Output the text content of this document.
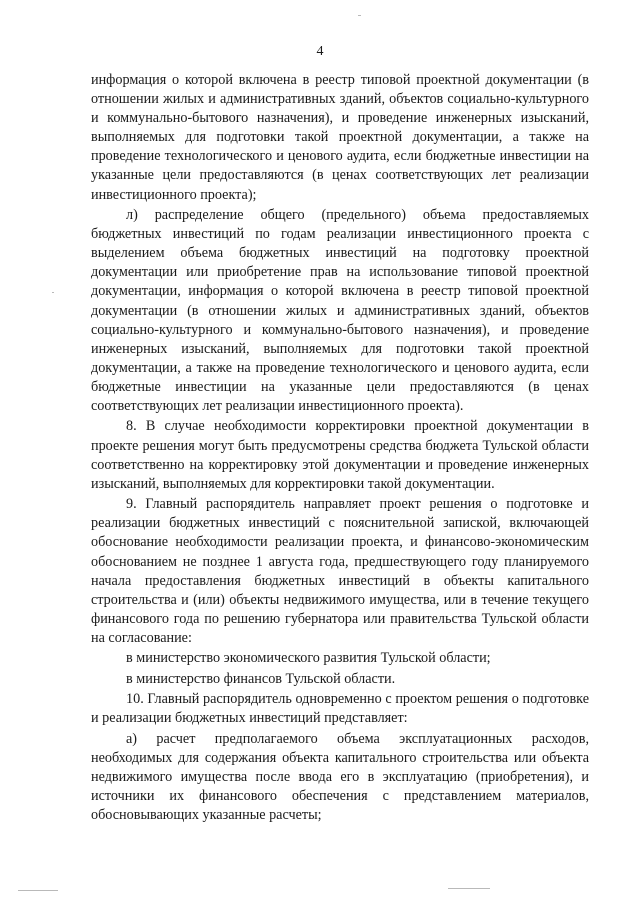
4

информация о которой включена в реестр типовой проектной документации (в отношении жилых и административных зданий, объектов социально-культурного и коммунально-бытового назначения), и проведение инженерных изысканий, выполняемых для подготовки такой проектной документации, а также на проведение технологического и ценового аудита, если бюджетные инвестиции на указанные цели предоставляются (в ценах соответствующих лет реализации инвестиционного проекта);

л) распределение общего (предельного) объема предоставляемых бюджетных инвестиций по годам реализации инвестиционного проекта с выделением объема бюджетных инвестиций на подготовку проектной документации или приобретение прав на использование типовой проектной документации, информация о которой включена в реестр типовой проектной документации (в отношении жилых и административных зданий, объектов социально-культурного и коммунально-бытового назначения), и проведение инженерных изысканий, выполняемых для подготовки такой проектной документации, а также на проведение технологического и ценового аудита, если бюджетные инвестиции на указанные цели предоставляются (в ценах соответствующих лет реализации инвестиционного проекта).

8. В случае необходимости корректировки проектной документации в проекте решения могут быть предусмотрены средства бюджета Тульской области соответственно на корректировку этой документации и проведение инженерных изысканий, выполняемых для корректировки такой документации.

9. Главный распорядитель направляет проект решения о подготовке и реализации бюджетных инвестиций с пояснительной запиской, включающей обоснование необходимости реализации проекта, и финансово-экономическим обоснованием не позднее 1 августа года, предшествующего году планируемого начала предоставления бюджетных инвестиций в объекты капитального строительства и (или) объекты недвижимого имущества, или в течение текущего финансового года по решению губернатора или правительства Тульской области на согласование:

в министерство экономического развития Тульской области;

в министерство финансов Тульской области.

10. Главный распорядитель одновременно с проектом решения о подготовке и реализации бюджетных инвестиций представляет:

а) расчет предполагаемого объема эксплуатационных расходов, необходимых для содержания объекта капитального строительства или объекта недвижимого имущества после ввода его в эксплуатацию (приобретения), и источники их финансового обеспечения с представлением материалов, обосновывающих указанные расчеты;
